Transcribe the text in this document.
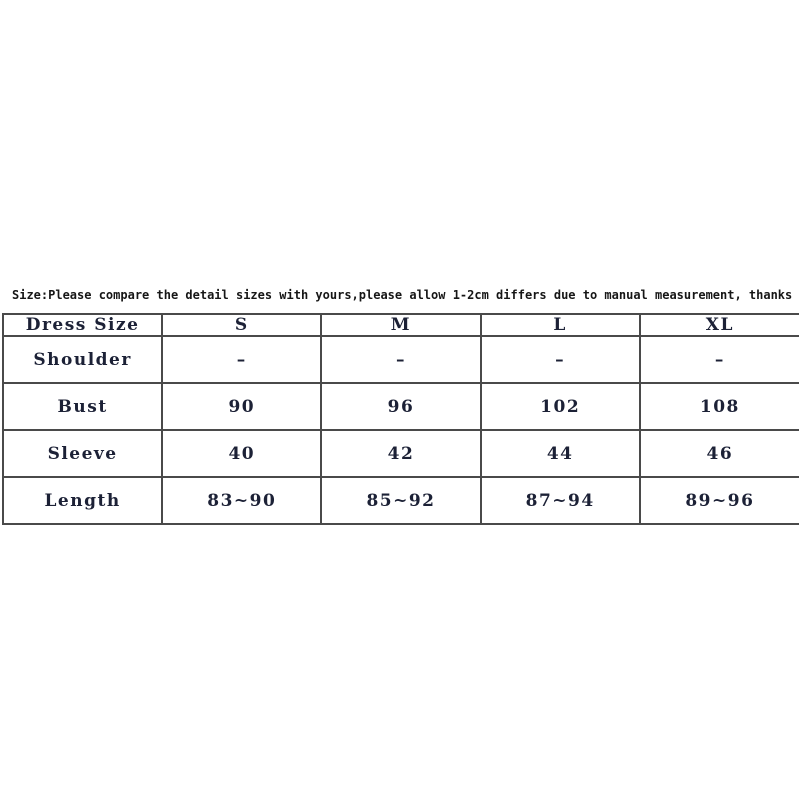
Size:Please compare the detail sizes with yours,please allow 1-2cm differs due to manual measurement, thanks
Dress Size	S	M	L	XL
Shoulder	–	–	–	–
Bust	90	96	102	108
Sleeve	40	42	44	46
Length	83~90	85~92	87~94	89~96
